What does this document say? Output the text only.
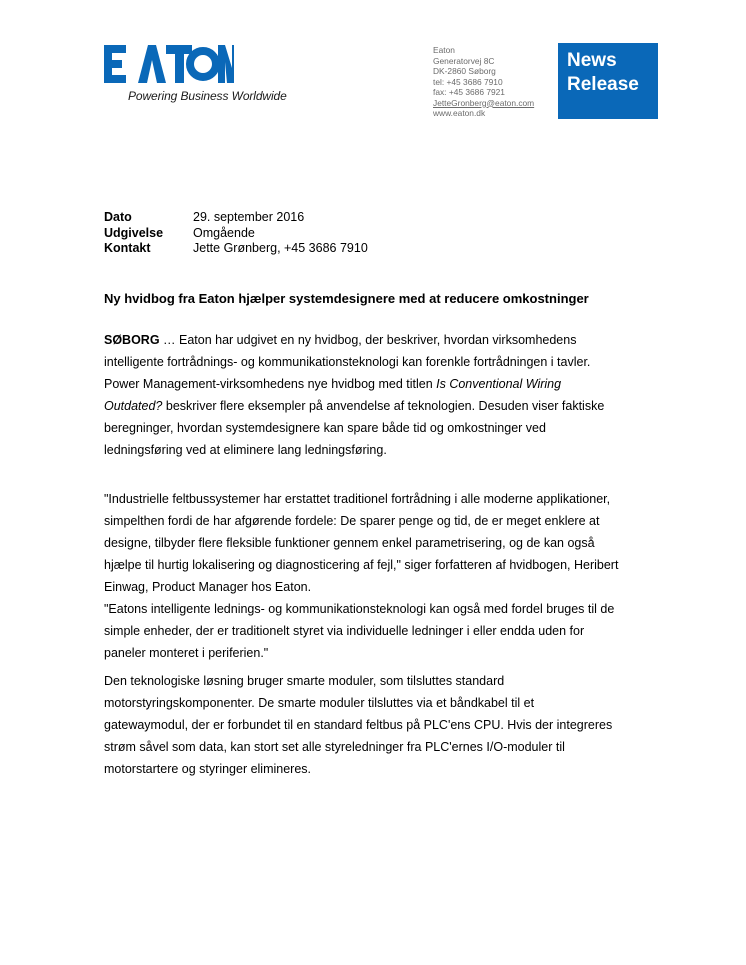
Powering Business Worldwide
Eaton
Generatorvej 8C
DK-2860 Søborg
tel: +45 3686 7910
fax: +45 3686 7921
JetteGronberg@eaton.com
www.eaton.dk
News
Release
Dato	29. september 2016
Udgivelse	Omgående
Kontakt	Jette Grønberg, +45 3686 7910
Ny hvidbog fra Eaton hjælper systemdesignere med at reducere omkostninger
SØBORG … Eaton har udgivet en ny hvidbog, der beskriver, hvordan virksomhedens
intelligente fortrådnings- og kommunikationsteknologi kan forenkle fortrådningen i tavler.
Power Management-virksomhedens nye hvidbog med titlen Is Conventional Wiring
Outdated? beskriver flere eksempler på anvendelse af teknologien. Desuden viser faktiske
beregninger, hvordan systemdesignere kan spare både tid og omkostninger ved
ledningsføring ved at eliminere lang ledningsføring.
"Industrielle feltbussystemer har erstattet traditionel fortrådning i alle moderne applikationer,
simpelthen fordi de har afgørende fordele: De sparer penge og tid, de er meget enklere at
designe, tilbyder flere fleksible funktioner gennem enkel parametrisering, og de kan også
hjælpe til hurtig lokalisering og diagnosticering af fejl," siger forfatteren af hvidbogen, Heribert
Einwag, Product Manager hos Eaton.
"Eatons intelligente lednings- og kommunikationsteknologi kan også med fordel bruges til de
simple enheder, der er traditionelt styret via individuelle ledninger i eller endda uden for
paneler monteret i periferien."
Den teknologiske løsning bruger smarte moduler, som tilsluttes standard
motorstyringskomponenter. De smarte moduler tilsluttes via et båndkabel til et
gatewaymodul, der er forbundet til en standard feltbus på PLC'ens CPU. Hvis der integreres
strøm såvel som data, kan stort set alle styreledninger fra PLC'ernes I/O-moduler til
motorstartere og styringer elimineres.
